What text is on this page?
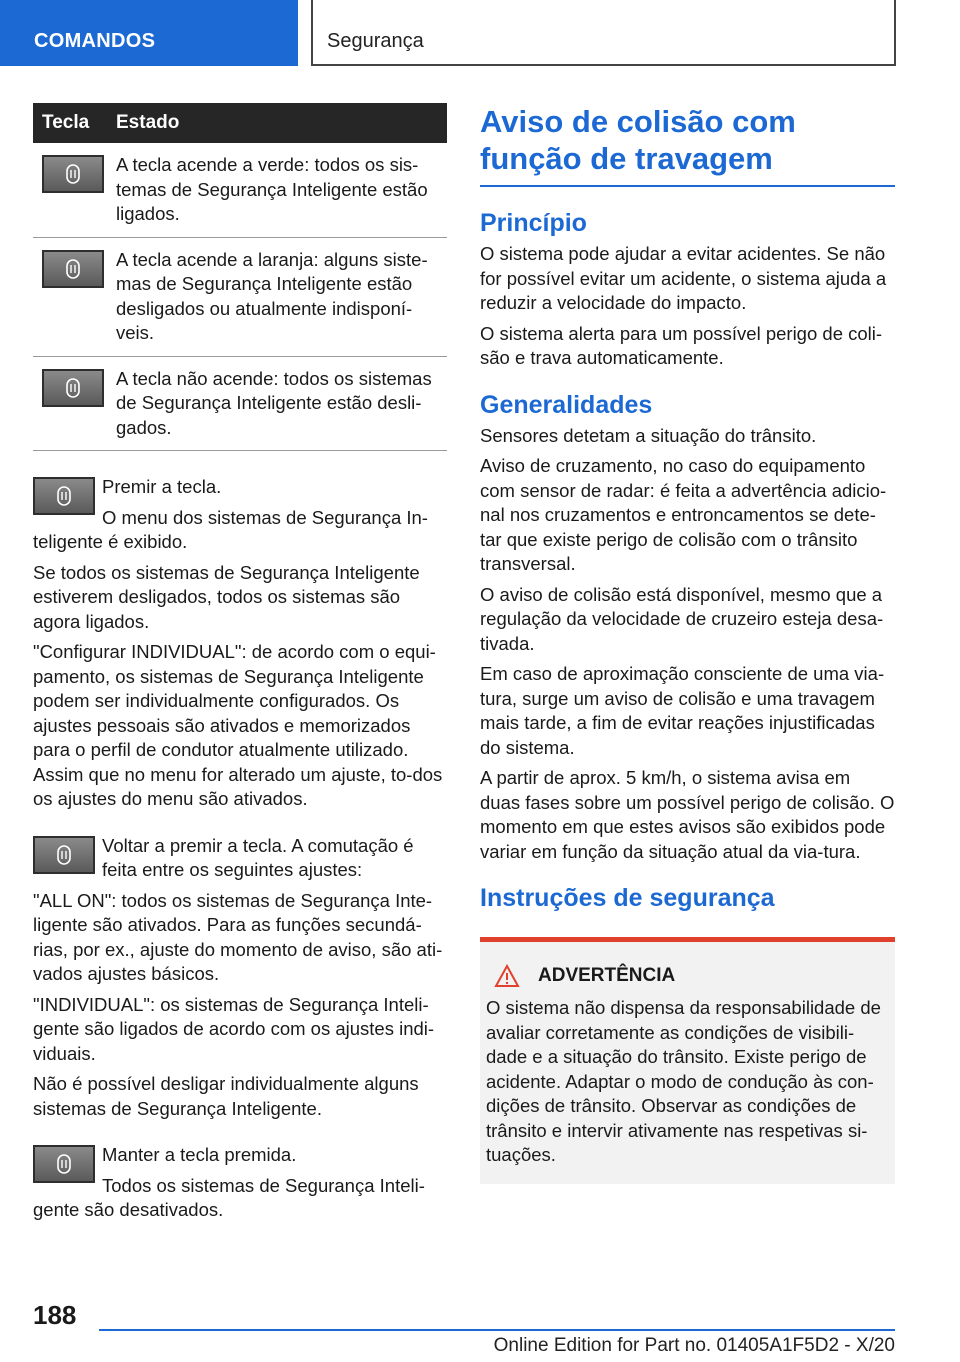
COMANDOS	Segurança
Tecla	Estado
A tecla acende a verde: todos os sis-temas de Segurança Inteligente estão ligados.
A tecla acende a laranja: alguns siste-mas de Segurança Inteligente estão desligados ou atualmente indisponí-veis.
A tecla não acende: todos os sistemas de Segurança Inteligente estão desli-gados.
Premir a tecla.
O menu dos sistemas de Segurança In-teligente é exibido.
Se todos os sistemas de Segurança Inteligente estiverem desligados, todos os sistemas são agora ligados.
"Configurar INDIVIDUAL": de acordo com o equi-pamento, os sistemas de Segurança Inteligente podem ser individualmente configurados. Os ajustes pessoais são ativados e memorizados para o perfil de condutor atualmente utilizado. Assim que no menu for alterado um ajuste, to-dos os ajustes do menu são ativados.
Voltar a premir a tecla. A comutação é feita entre os seguintes ajustes:
"ALL ON": todos os sistemas de Segurança Inte-ligente são ativados. Para as funções secundá-rias, por ex., ajuste do momento de aviso, são ati-vados ajustes básicos.
"INDIVIDUAL": os sistemas de Segurança Inteli-gente são ligados de acordo com os ajustes indi-viduais.
Não é possível desligar individualmente alguns sistemas de Segurança Inteligente.
Manter a tecla premida.
Todos os sistemas de Segurança Inteli-gente são desativados.
Aviso de colisão com função de travagem
Princípio
O sistema pode ajudar a evitar acidentes. Se não for possível evitar um acidente, o sistema ajuda a reduzir a velocidade do impacto.
O sistema alerta para um possível perigo de coli-são e trava automaticamente.
Generalidades
Sensores detetam a situação do trânsito.
Aviso de cruzamento, no caso do equipamento com sensor de radar: é feita a advertência adicio-nal nos cruzamentos e entroncamentos se dete-tar que existe perigo de colisão com o trânsito transversal.
O aviso de colisão está disponível, mesmo que a regulação da velocidade de cruzeiro esteja desa-tivada.
Em caso de aproximação consciente de uma via-tura, surge um aviso de colisão e uma travagem mais tarde, a fim de evitar reações injustificadas do sistema.
A partir de aprox. 5 km/h, o sistema avisa em duas fases sobre um possível perigo de colisão. O momento em que estes avisos são exibidos pode variar em função da situação atual da via-tura.
Instruções de segurança
ADVERTÊNCIA
O sistema não dispensa da responsabilidade de avaliar corretamente as condições de visibili-dade e a situação do trânsito. Existe perigo de acidente. Adaptar o modo de condução às con-dições de trânsito. Observar as condições de trânsito e intervir ativamente nas respetivas si-tuações.
188
Online Edition for Part no. 01405A1F5D2 - X/20
